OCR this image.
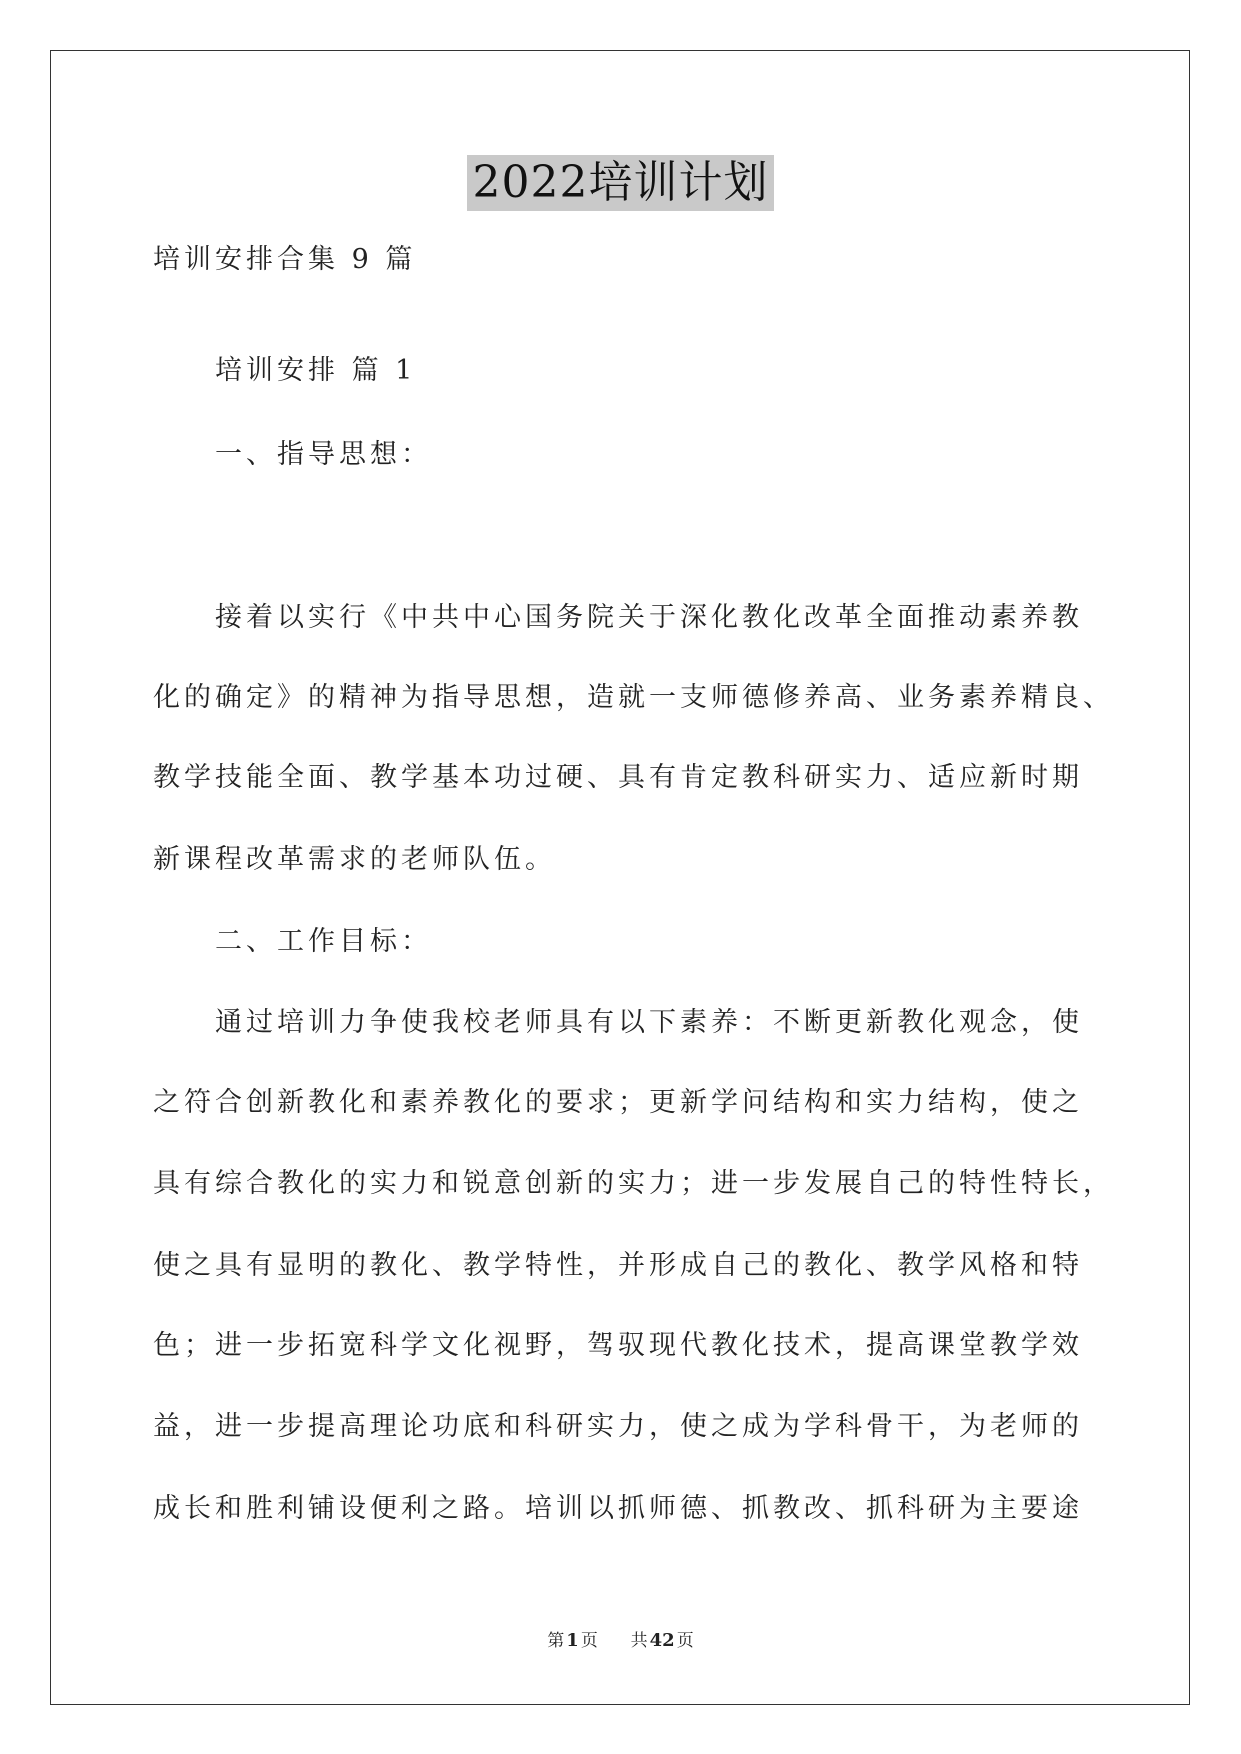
2022培训计划
培训安排合集 9 篇
培训安排 篇 1
一、指导思想：
接着以实行《中共中心国务院关于深化教化改革全面推动素养教
化的确定》的精神为指导思想，造就一支师德修养高、业务素养精良、
教学技能全面、教学基本功过硬、具有肯定教科研实力、适应新时期
新课程改革需求的老师队伍。
二、工作目标：
通过培训力争使我校老师具有以下素养：不断更新教化观念，使
之符合创新教化和素养教化的要求；更新学问结构和实力结构，使之
具有综合教化的实力和锐意创新的实力；进一步发展自己的特性特长，
使之具有显明的教化、教学特性，并形成自己的教化、教学风格和特
色；进一步拓宽科学文化视野，驾驭现代教化技术，提高课堂教学效
益，进一步提高理论功底和科研实力，使之成为学科骨干，为老师的
成长和胜利铺设便利之路。培训以抓师德、抓教改、抓科研为主要途
第 1 页 共 42 页
